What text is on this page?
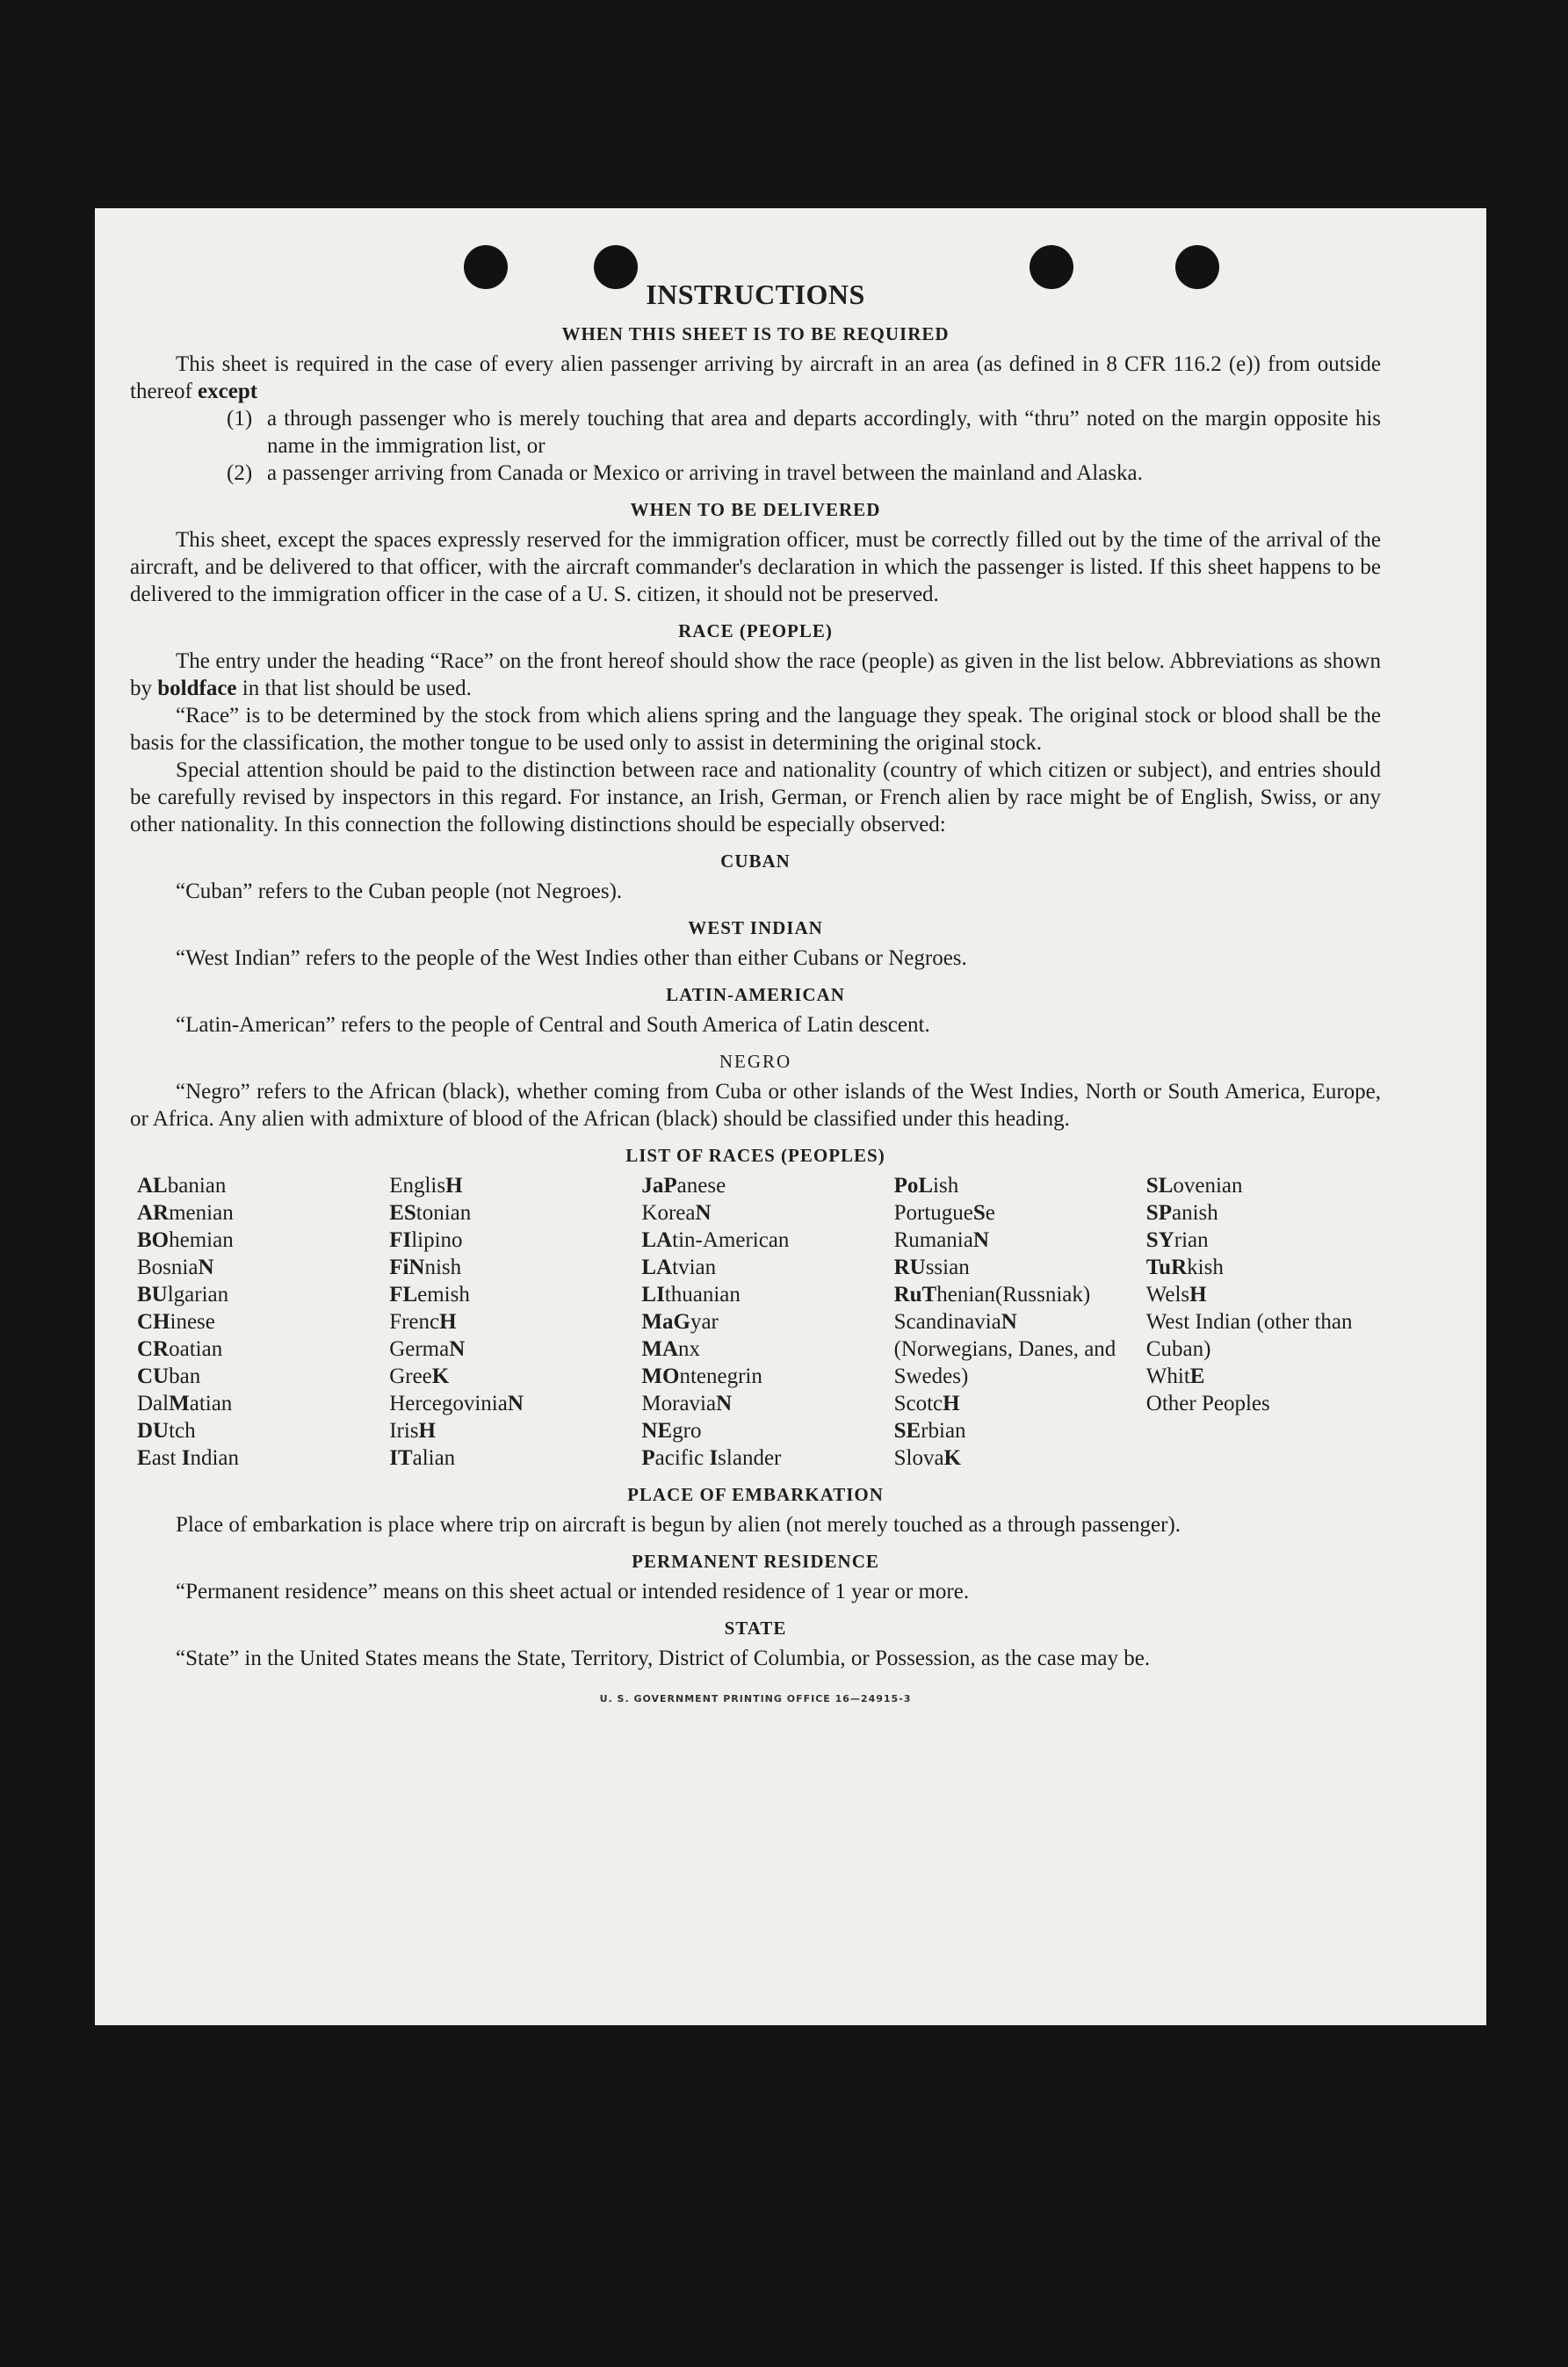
INSTRUCTIONS
WHEN THIS SHEET IS TO BE REQUIRED

This sheet is required in the case of every alien passenger arriving by aircraft in an area (as defined in 8 CFR 116.2 (e)) from outside thereof except

(1) a through passenger who is merely touching that area and departs accordingly, with “thru” noted on the margin opposite his name in the immigration list, or
(2) a passenger arriving from Canada or Mexico or arriving in travel between the mainland and Alaska.
WHEN TO BE DELIVERED

This sheet, except the spaces expressly reserved for the immigration officer, must be correctly filled out by the time of the arrival of the aircraft, and be delivered to that officer, with the aircraft commander's declaration in which the passenger is listed. If this sheet happens to be delivered to the immigration officer in the case of a U. S. citizen, it should not be preserved.

RACE (PEOPLE)

The entry under the heading “Race” on the front hereof should show the race (people) as given in the list below. Abbreviations as shown by boldface in that list should be used.

“Race” is to be determined by the stock from which aliens spring and the language they speak. The original stock or blood shall be the basis for the classification, the mother tongue to be used only to assist in determining the original stock.

Special attention should be paid to the distinction between race and nationality (country of which citizen or subject), and entries should be carefully revised by inspectors in this regard. For instance, an Irish, German, or French alien by race might be of English, Swiss, or any other nationality. In this connection the following distinctions should be especially observed:

CUBAN
“Cuban” refers to the Cuban people (not Negroes).
WEST INDIAN
“West Indian” refers to the people of the West Indies other than either Cubans or Negroes.
LATIN-AMERICAN
“Latin-American” refers to the people of Central and South America of Latin descent.
NEGRO

“Negro” refers to the African (black), whether coming from Cuba or other islands of the West Indies, North or South America, Europe, or Africa. Any alien with admixture of blood of the African (black) should be classified under this heading.

LIST OF RACES (PEOPLES)
ALbanian
ARmenian
BOhemian
BosniaN
BUlgarian
CHinese
CRoatian
CUban
DalMatian
DUtch
East Indian
EnglisH
EStonian
FIlipino
FiNnish
FLemish
FrencH
GermaN
GreeK
HercegoviniaN
IrisH
ITalian
JaPanese
KoreaN
LAtin-American
LAtvian
LIthuanian
MaGyar
MAnx
MOntenegrin
MoraviaN
NEgro
Pacific Islander
PoLish
PortugueSe
RumaniaN
RUssian
RuThenian(Russniak)
ScandinaviaN (Norwegians, Danes, and Swedes)
ScotcH
SErbian
SlovaK
SLovenian
SPanish
SYrian
TuRkish
WelsH
West Indian (other than Cuban)
WhitE
Other Peoples
PLACE OF EMBARKATION

Place of embarkation is place where trip on aircraft is begun by alien (not merely touched as a through passenger).

PERMANENT RESIDENCE
“Permanent residence” means on this sheet actual or intended residence of 1 year or more.
STATE

“State” in the United States means the State, Territory, District of Columbia, or Possession, as the case may be.

U. S. GOVERNMENT PRINTING OFFICE 16—24915-3
